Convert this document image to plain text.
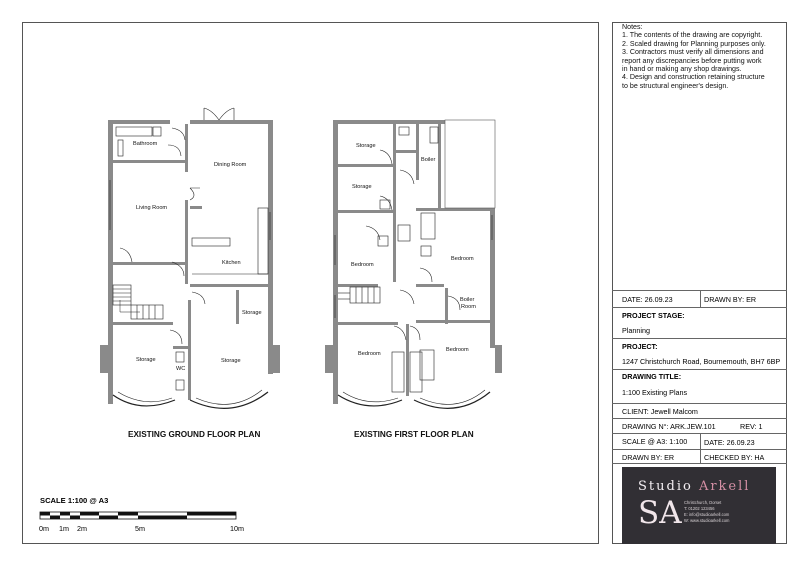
Bathroom
Dining Room
Living Room
Kitchen
Storage
Storage	Storage
WC
Storage
Boiler
Storage
Bedroom
Bedroom
Boiler
Room
Bedroom
Bedroom
EXISTING GROUND FLOOR PLAN	EXISTING FIRST FLOOR PLAN
SCALE 1:100 @ A3
0m 1m 2m	5m	10m
Notes:
1. The contents of the drawing are copyright.
2. Scaled drawing for Planning purposes only.
3. Contractors must verify all dimensions and
report any discrepancies before putting work
in hand or making any shop drawings.
4. Design and construction retaining structure
to be structural engineer's design.
DATE: 26.09.23	DRAWN BY: ER
PROJECT STAGE:
Planning
PROJECT:
1247 Christchurch Road, Bournemouth, BH7 6BP
DRAWING TITLE:
1:100 Existing Plans
CLIENT: Jewell Malcom
DRAWING N°: ARK.JEW.101	REV: 1
SCALE @ A3: 1:100 DATE: 26.09.23
DRAWN BY: ER	CHECKED BY: HA
Studio Arkell
SA Christchurch, Dorset
T: 01202 123456
E: info@studioarkell.com
W: www.studioarkell.com
